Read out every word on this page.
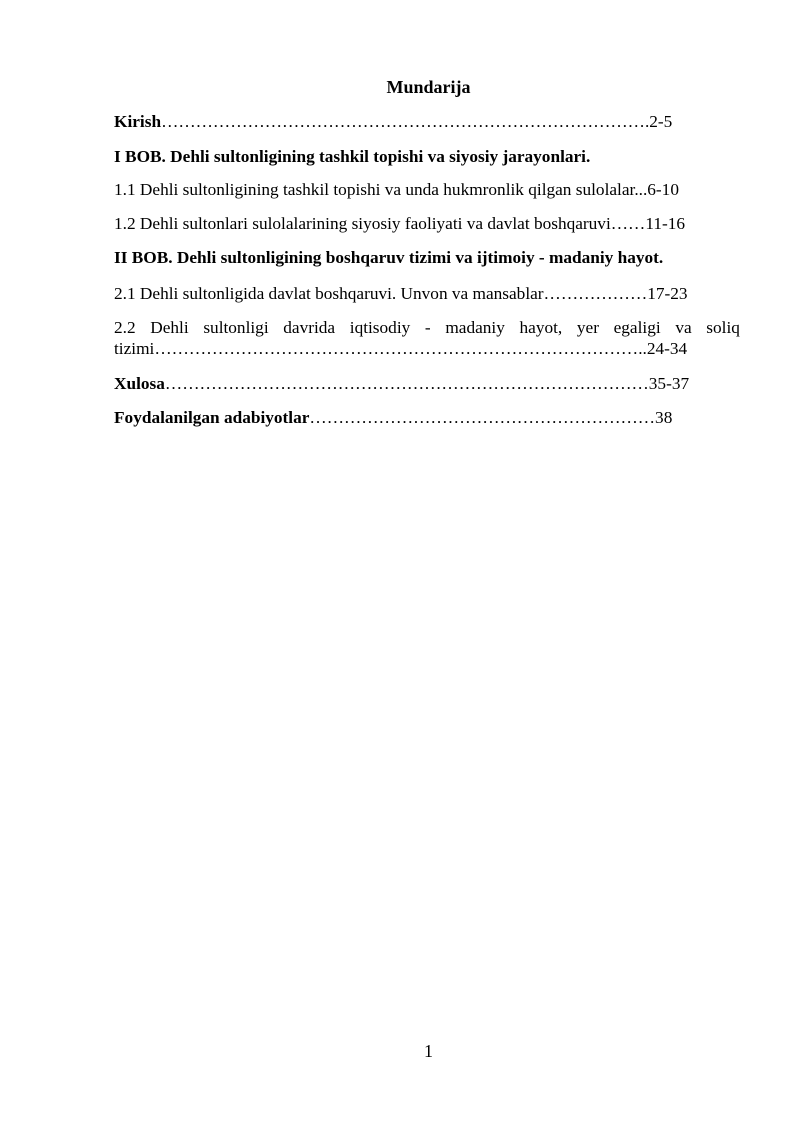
Mundarija
Kirish………………………………………………………………………….2-5
I BOB. Dehli sultonligining tashkil topishi va siyosiy jarayonlari.
1.1 Dehli sultonligining tashkil topishi va unda hukmronlik qilgan sulolalar...6-10
1.2 Dehli sultonlari sulolalarining siyosiy faoliyati va davlat boshqaruvi……11-16
II BOB. Dehli sultonligining boshqaruv tizimi va ijtimoiy - madaniy hayot.
2.1 Dehli sultonligida davlat boshqaruvi. Unvon va mansablar………………17-23
2.2 Dehli sultonligi davrida iqtisodiy - madaniy hayot, yer egaligi va soliq
tizimi…………………………………………………………………………..24-34
Xulosa…………………………………………………………………………35-37
Foydalanilgan adabiyotlar……………………………………………………38
1
